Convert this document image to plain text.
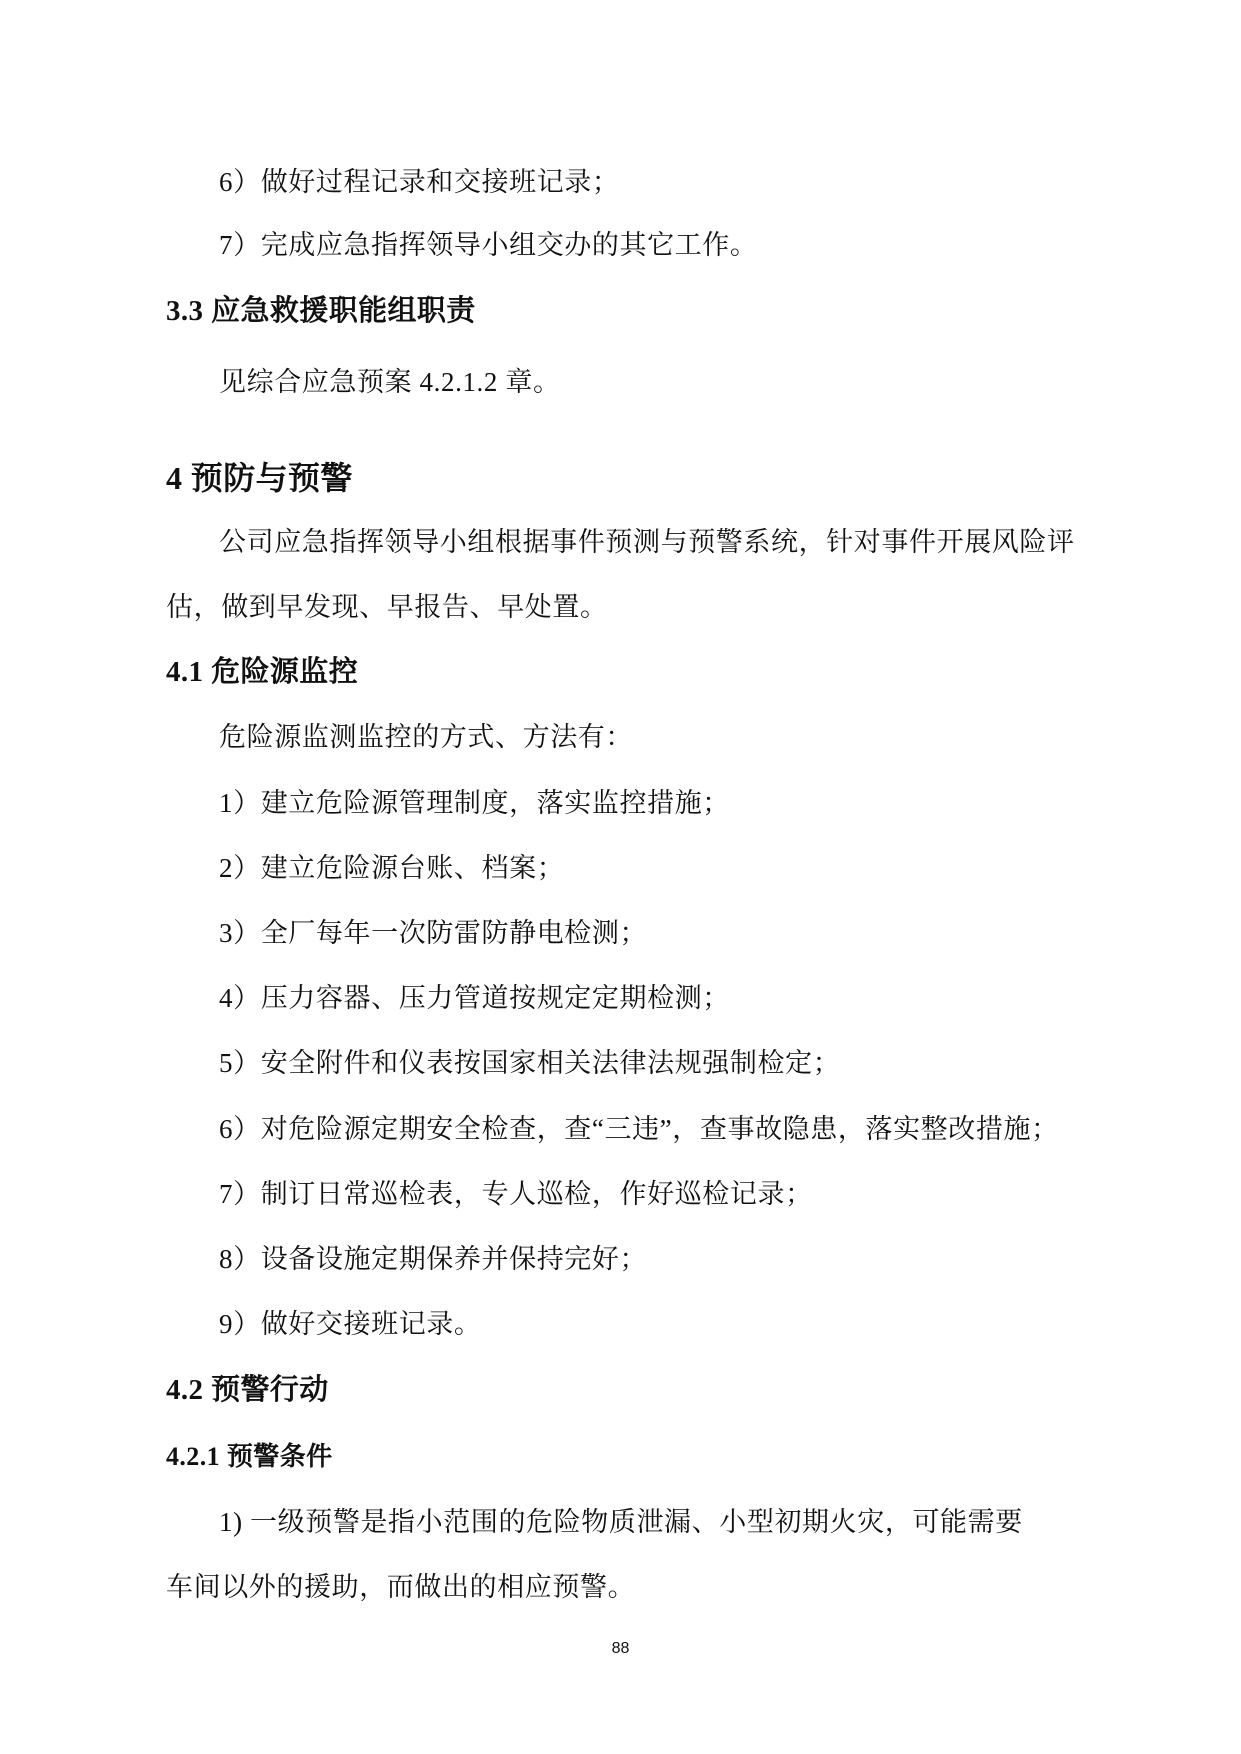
6）做好过程记录和交接班记录；
7）完成应急指挥领导小组交办的其它工作。
3.3 应急救援职能组职责
见综合应急预案 4.2.1.2 章。
4 预防与预警
公司应急指挥领导小组根据事件预测与预警系统，针对事件开展风险评
估，做到早发现、早报告、早处置。
4.1 危险源监控
危险源监测监控的方式、方法有：
1）建立危险源管理制度，落实监控措施；
2）建立危险源台账、档案；
3）全厂每年一次防雷防静电检测；
4）压力容器、压力管道按规定定期检测；
5）安全附件和仪表按国家相关法律法规强制检定；
6）对危险源定期安全检查，查“三违”，查事故隐患，落实整改措施；
7）制订日常巡检表，专人巡检，作好巡检记录；
8）设备设施定期保养并保持完好；
9）做好交接班记录。
4.2 预警行动
4.2.1 预警条件
1) 一级预警是指小范围的危险物质泄漏、小型初期火灾，可能需要
车间以外的援助，而做出的相应预警。
88
